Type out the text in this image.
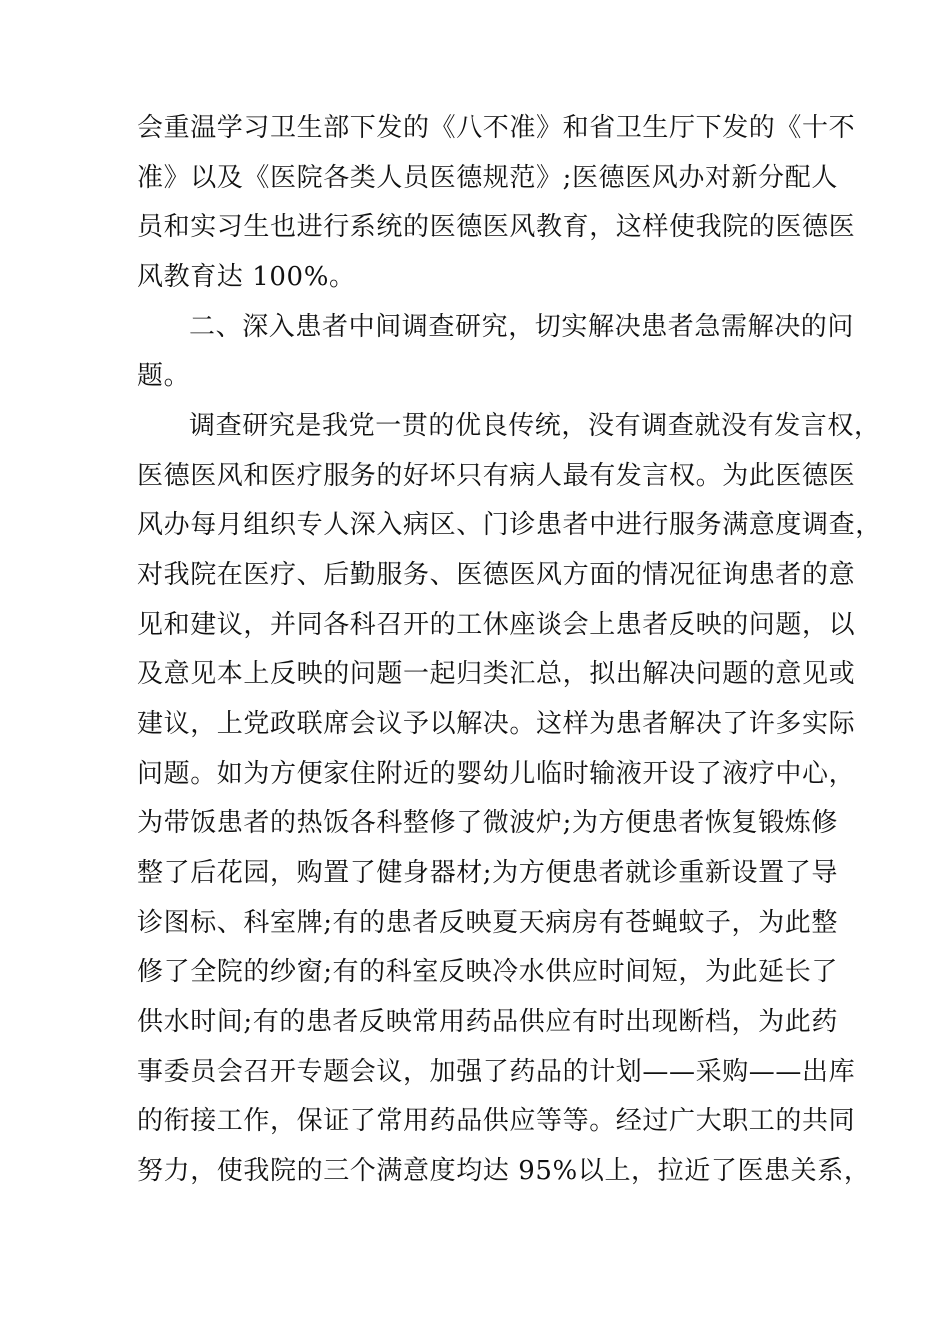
会重温学习卫生部下发的《八不准》和省卫生厅下发的《十不
准》以及《医院各类人员医德规范》;医德医风办对新分配人
员和实习生也进行系统的医德医风教育，这样使我院的医德医
风教育达 100%。
二、深入患者中间调查研究，切实解决患者急需解决的问
题。
调查研究是我党一贯的优良传统，没有调查就没有发言权，
医德医风和医疗服务的好坏只有病人最有发言权。为此医德医
风办每月组织专人深入病区、门诊患者中进行服务满意度调查，
对我院在医疗、后勤服务、医德医风方面的情况征询患者的意
见和建议，并同各科召开的工休座谈会上患者反映的问题，以
及意见本上反映的问题一起归类汇总，拟出解决问题的意见或
建议，上党政联席会议予以解决。这样为患者解决了许多实际
问题。如为方便家住附近的婴幼儿临时输液开设了液疗中心，
为带饭患者的热饭各科整修了微波炉;为方便患者恢复锻炼修
整了后花园，购置了健身器材;为方便患者就诊重新设置了导
诊图标、科室牌;有的患者反映夏天病房有苍蝇蚊子，为此整
修了全院的纱窗;有的科室反映冷水供应时间短，为此延长了
供水时间;有的患者反映常用药品供应有时出现断档，为此药
事委员会召开专题会议，加强了药品的计划——采购——出库
的衔接工作，保证了常用药品供应等等。经过广大职工的共同
努力，使我院的三个满意度均达 95%以上，拉近了医患关系，
